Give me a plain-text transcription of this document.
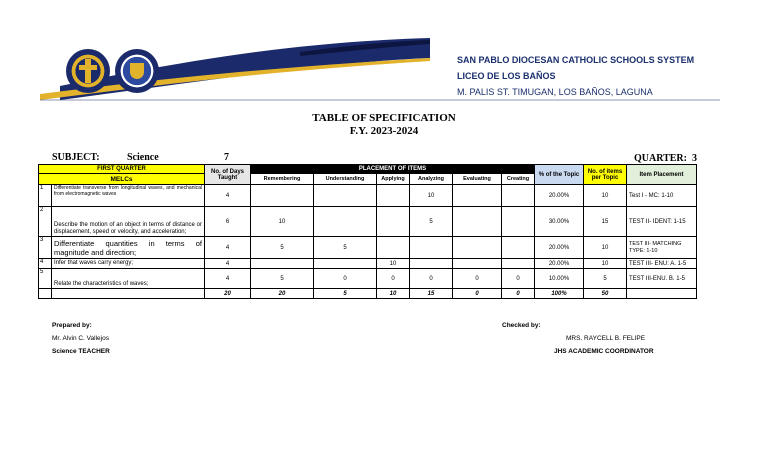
SAN PABLO DIOCESAN CATHOLIC SCHOOLS SYSTEM
LICEO DE LOS BAÑOS
M. PALIS ST. TIMUGAN, LOS BAÑOS, LAGUNA
TABLE OF SPECIFICATION
F.Y. 2023-2024
SUBJECT:	Science	7	QUARTER: 3
FIRST QUARTER		No. of Days Taught	PLACEMENT OF ITEMS						% of the Topic	No. of items per Topic	Item Placement
MELCs			Remembering	Understanding	Applying	Analyzing	Evaluating	Creating			
1	Differentiate transverse from longitudinal waves, and mechanical from electromagnetic waves	4				10			20.00%	10	Test I - MC: 1-10
2	Describe the motion of an object in terms of distance or displacement, speed or velocity, and acceleration;	6	10			5			30.00%	15	TEST II- IDENT: 1-15
3	Differentiate quantities in terms of magnitude and direction;	4	5	5					20.00%	10	TEST III- MATCHING TYPE: 1-10
4	Infer that waves carry energy;	4			10				20.00%	10	TEST III- ENU: A. 1-5
5	Relate the characteristics of waves;	4	5	0	0	0	0	0	10.00%	5	TEST III-ENU. B. 1-5
		20	20	5	10	15	0	0	100%	50	
Prepared by:
Mr. Alvin C. Vallejos
Science TEACHER
Checked by:
MRS. RAYCELL B. FELIPE
JHS ACADEMIC COORDINATOR
